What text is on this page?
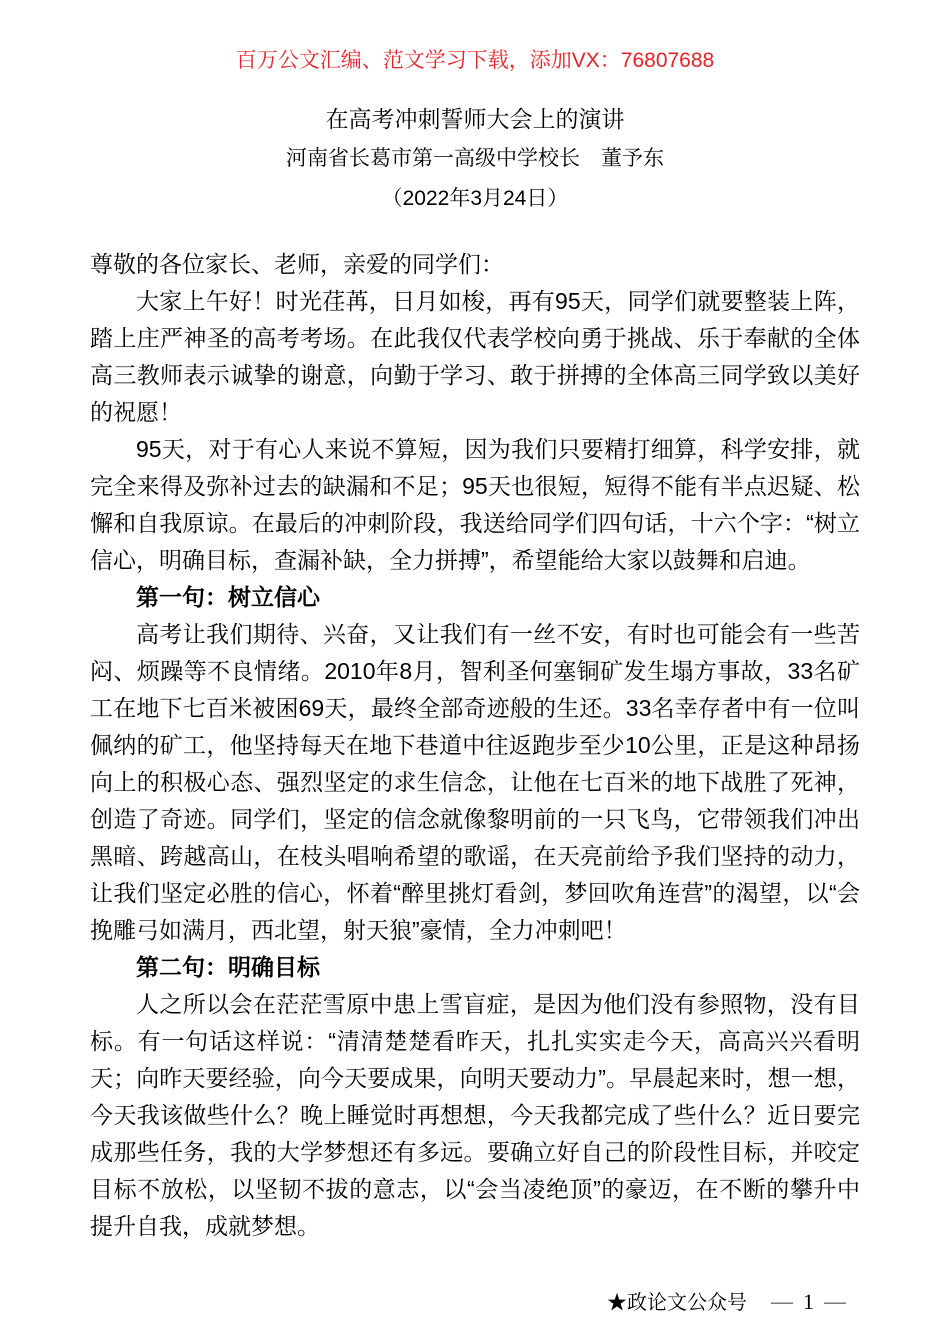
百万公文汇编、范文学习下载，添加VX：76807688
在高考冲刺誓师大会上的演讲
河南省长葛市第一高级中学校长　董予东
（2022年3月24日）

尊敬的各位家长、老师，亲爱的同学们：

大家上午好！时光荏苒，日月如梭，再有95天，同学们就要整装上阵，踏上庄严神圣的高考考场。在此我仅代表学校向勇于挑战、乐于奉献的全体高三教师表示诚挚的谢意，向勤于学习、敢于拼搏的全体高三同学致以美好的祝愿！

95天，对于有心人来说不算短，因为我们只要精打细算，科学安排，就完全来得及弥补过去的缺漏和不足；95天也很短，短得不能有半点迟疑、松懈和自我原谅。在最后的冲刺阶段，我送给同学们四句话，十六个字：“树立信心，明确目标，查漏补缺，全力拼搏”，希望能给大家以鼓舞和启迪。

第一句：树立信心

高考让我们期待、兴奋，又让我们有一丝不安，有时也可能会有一些苦闷、烦躁等不良情绪。2010年8月，智利圣何塞铜矿发生塌方事故，33名矿工在地下七百米被困69天，最终全部奇迹般的生还。33名幸存者中有一位叫佩纳的矿工，他坚持每天在地下巷道中往返跑步至少10公里，正是这种昂扬向上的积极心态、强烈坚定的求生信念，让他在七百米的地下战胜了死神，创造了奇迹。同学们，坚定的信念就像黎明前的一只飞鸟，它带领我们冲出黑暗、跨越高山，在枝头唱响希望的歌谣，在天亮前给予我们坚持的动力，让我们坚定必胜的信心，怀着“醉里挑灯看剑，梦回吹角连营”的渴望，以“会挽雕弓如满月，西北望，射天狼”豪情，全力冲刺吧！

第二句：明确目标

人之所以会在茫茫雪原中患上雪盲症，是因为他们没有参照物，没有目标。有一句话这样说：“清清楚楚看昨天，扎扎实实走今天，高高兴兴看明天；向昨天要经验，向今天要成果，向明天要动力”。早晨起来时，想一想，今天我该做些什么？晚上睡觉时再想想，今天我都完成了些什么？近日要完成那些任务，我的大学梦想还有多远。要确立好自己的阶段性目标，并咬定目标不放松，以坚韧不拔的意志，以“会当凌绝顶”的豪迈，在不断的攀升中提升自我，成就梦想。

★政论文公众号 — 1 —
